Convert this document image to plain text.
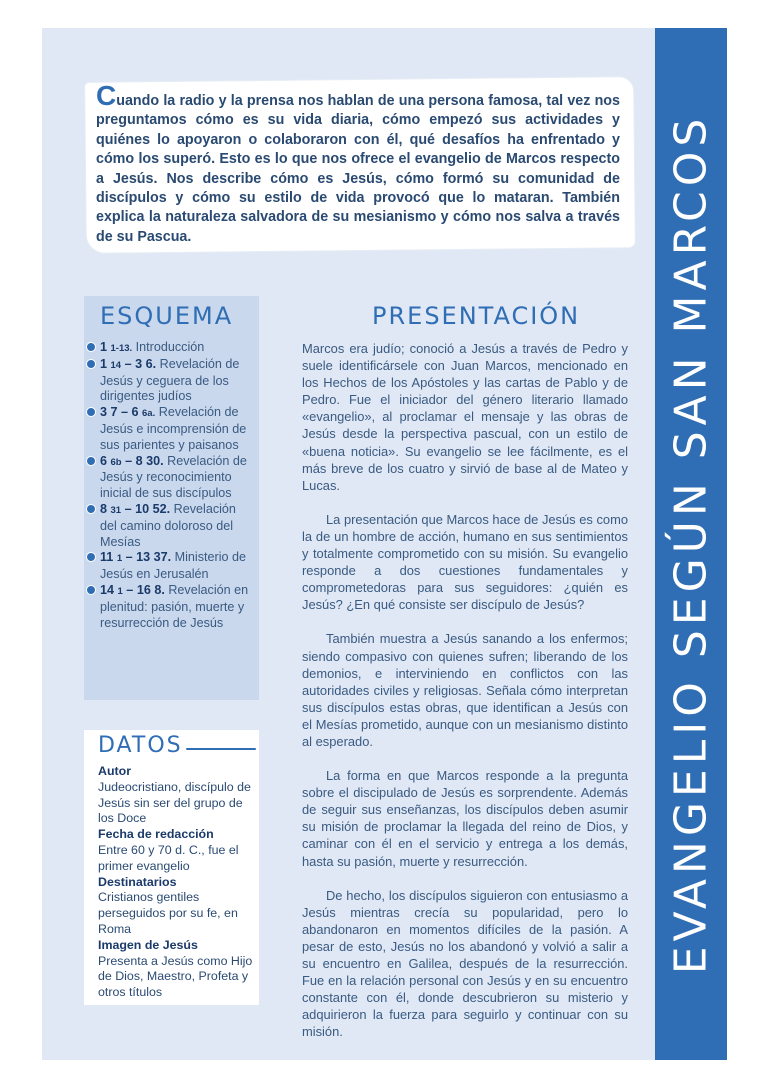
EVANGELIO SEGÚN SAN MARCOS

Cuando la radio y la prensa nos hablan de una persona famosa, tal vez nos preguntamos cómo es su vida diaria, cómo empezó sus actividades y quiénes lo apoyaron o colaboraron con él, qué desafíos ha enfrentado y cómo los superó. Esto es lo que nos ofrece el evangelio de Marcos respecto a Jesús. Nos describe cómo es Jesús, cómo formó su comunidad de discípulos y cómo su estilo de vida provocó que lo mataran. También explica la naturaleza salvadora de su mesianismo y cómo nos salva a través de su Pascua.

ESQUEMA
1 1-13. Introducción
1 14 – 3 6. Revelación de Jesús y ceguera de los dirigentes judíos
3 7 – 6 6a. Revelación de Jesús e incomprensión de sus parientes y paisanos
6 6b – 8 30. Revelación de Jesús y reconocimiento inicial de sus discípulos
8 31 – 10 52. Revelación del camino doloroso del Mesías
11 1 – 13 37. Ministerio de Jesús en Jerusalén
14 1 – 16 8. Revelación en plenitud: pasión, muerte y resurrección de Jesús
DATOS
Autor
Judeocristiano, discípulo de Jesús sin ser del grupo de los Doce
Fecha de redacción
Entre 60 y 70 d. C., fue el primer evangelio
Destinatarios
Cristianos gentiles perseguidos por su fe, en Roma
Imagen de Jesús
Presenta a Jesús como Hijo de Dios, Maestro, Profeta y otros títulos
PRESENTACIÓN

Marcos era judío; conoció a Jesús a través de Pedro y suele identificársele con Juan Marcos, mencionado en los Hechos de los Apóstoles y las cartas de Pablo y de Pedro. Fue el iniciador del género literario llamado «evangelio», al proclamar el mensaje y las obras de Jesús desde la perspectiva pascual, con un estilo de «buena noticia». Su evangelio se lee fácilmente, es el más breve de los cuatro y sirvió de base al de Mateo y Lucas.

La presentación que Marcos hace de Jesús es como la de un hombre de acción, humano en sus sentimientos y totalmente comprometido con su misión. Su evangelio responde a dos cuestiones fundamentales y comprometedoras para sus seguidores: ¿quién es Jesús? ¿En qué consiste ser discípulo de Jesús?

También muestra a Jesús sanando a los enfermos; siendo compasivo con quienes sufren; liberando de los demonios, e interviniendo en conflictos con las autoridades civiles y religiosas. Señala cómo interpretan sus discípulos estas obras, que identifican a Jesús con el Mesías prometido, aunque con un mesianismo distinto al esperado.

La forma en que Marcos responde a la pregunta sobre el discipulado de Jesús es sorprendente. Además de seguir sus enseñanzas, los discípulos deben asumir su misión de proclamar la llegada del reino de Dios, y caminar con él en el servicio y entrega a los demás, hasta su pasión, muerte y resurrección.

De hecho, los discípulos siguieron con entusiasmo a Jesús mientras crecía su popularidad, pero lo abandonaron en momentos difíciles de la pasión. A pesar de esto, Jesús no los abandonó y volvió a salir a su encuentro en Galilea, después de la resurrección. Fue en la relación personal con Jesús y en su encuentro constante con él, donde descubrieron su misterio y adquirieron la fuerza para seguirlo y continuar con su misión.
